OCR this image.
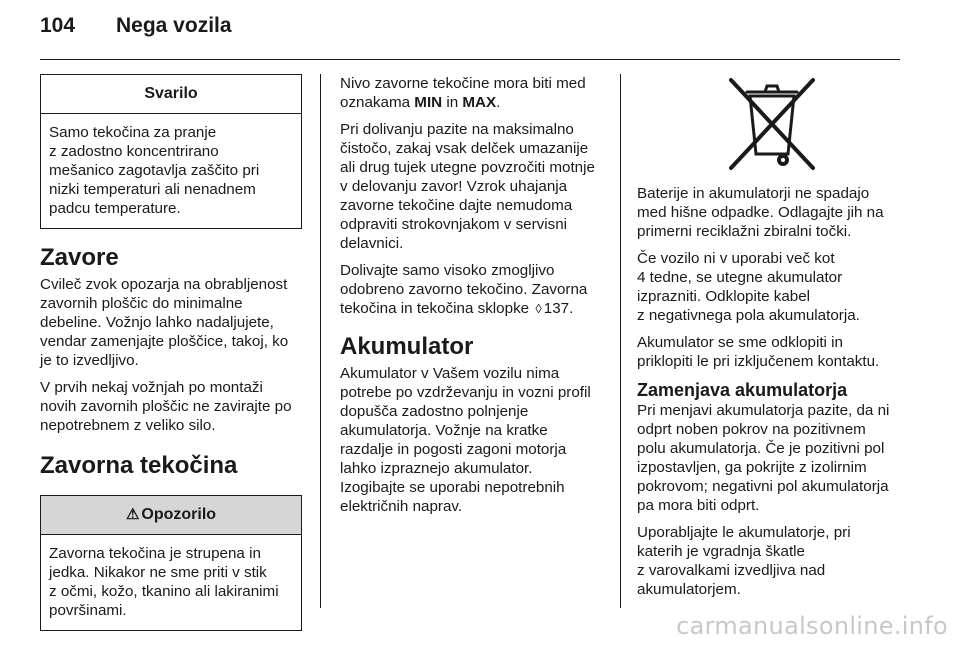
104	Nega vozila
Svarilo
Samo tekočina za pranje
z zadostno koncentrirano
mešanico zagotavlja zaščito pri
nizki temperaturi ali nenadnem
padcu temperature.
Zavore

Cvileč zvok opozarja na obrabljenost
zavornih ploščic do minimalne
debeline. Vožnjo lahko nadaljujete,
vendar zamenjajte ploščice, takoj, ko
je to izvedljivo.

V prvih nekaj vožnjah po montaži
novih zavornih ploščic ne zavirajte po
nepotrebnem z veliko silo.

Zavorna tekočina
⚠ Opozorilo
Zavorna tekočina je strupena in
jedka. Nikakor ne sme priti v stik
z očmi, kožo, tkanino ali lakiranimi
površinami.

Nivo zavorne tekočine mora biti med
oznakama MIN in MAX.

Pri dolivanju pazite na maksimalno
čistočo, zakaj vsak delček umazanije
ali drug tujek utegne povzročiti motnje
v delovanju zavor! Vzrok uhajanja
zavorne tekočine dajte nemudoma
odpraviti strokovnjakom v servisni
delavnici.

Dolivajte samo visoko zmogljivo
odobreno zavorno tekočino. Zavorna
tekočina in tekočina sklopke ◊ 137.

Akumulator

Akumulator v Vašem vozilu nima
potrebe po vzdrževanju in vozni profil
dopušča zadostno polnjenje
akumulatorja. Vožnje na kratke
razdalje in pogosti zagoni motorja
lahko izpraznejo akumulator.
Izogibajte se uporabi nepotrebnih
električnih naprav.

Baterije in akumulatorji ne spadajo
med hišne odpadke. Odlagajte jih na
primerni reciklažni zbiralni točki.

Če vozilo ni v uporabi več kot
4 tedne, se utegne akumulator
izprazniti. Odklopite kabel
z negativnega pola akumulatorja.

Akumulator se sme odklopiti in
priklopiti le pri izključenem kontaktu.

Zamenjava akumulatorja

Pri menjavi akumulatorja pazite, da ni
odprt noben pokrov na pozitivnem
polu akumulatorja. Če je pozitivni pol
izpostavljen, ga pokrijte z izolirnim
pokrovom; negativni pol akumulatorja
pa mora biti odprt.

Uporabljajte le akumulatorje, pri
katerih je vgradnja škatle
z varovalkami izvedljiva nad
akumulatorjem.

carmanualsonline.info
